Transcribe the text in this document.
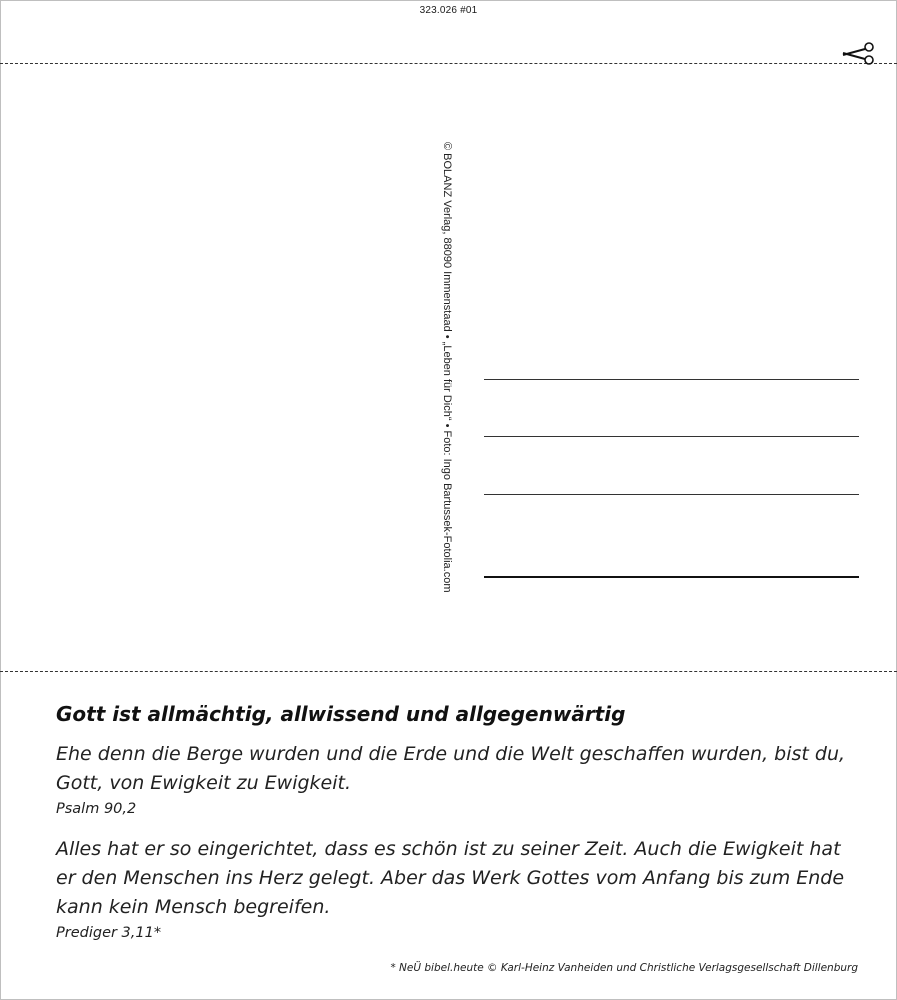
323.026 #01
© BOLANZ Verlag, 88090 Immenstaad • „Leben für Dich“ • Foto: Ingo Bartussek-Fotolia.com
Gott ist allmächtig, allwissend und allgegenwärtig

Ehe denn die Berge wurden und die Erde und die Welt geschaffen wurden, bist du, Gott, von Ewigkeit zu Ewigkeit.

Psalm 90,2

Alles hat er so eingerichtet, dass es schön ist zu seiner Zeit. Auch die Ewigkeit hat er den Menschen ins Herz gelegt. Aber das Werk Gottes vom Anfang bis zum Ende kann kein Mensch begreifen.

Prediger 3,11*
* NeÜ bibel.heute © Karl-Heinz Vanheiden und Christliche Verlagsgesellschaft Dillenburg
